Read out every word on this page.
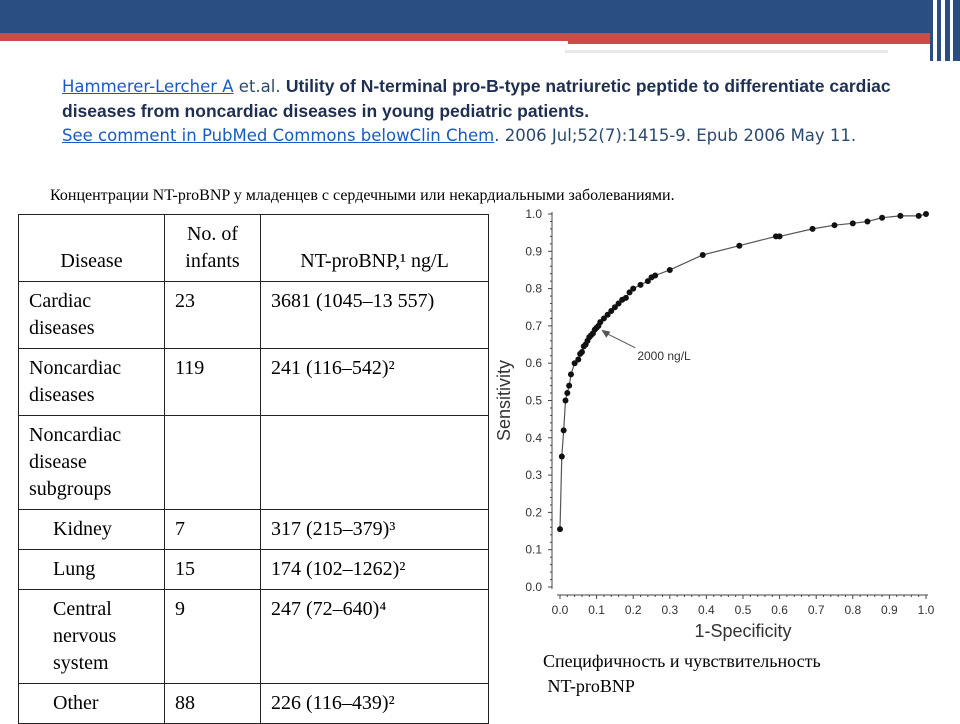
Hammerer-Lercher A et.al. Utility of N-terminal pro-B-type natriuretic peptide to differentiate cardiac diseases from noncardiac diseases in young pediatric patients.
See comment in PubMed Commons belowClin Chem. 2006 Jul;52(7):1415-9. Epub 2006 May 11.
Концентрации NT-proBNP у младенцев с сердечными или некардиальными заболеваниями.
Disease	No. of infants	NT-proBNP,¹ ng/L
Cardiac diseases	23	3681 (1045–13 557)
Noncardiac diseases	119	241 (116–542)²
Noncardiac disease subgroups		
Kidney	7	317 (215–379)³
Lung	15	174 (102–1262)²
Central nervous system	9	247 (72–640)⁴
Other	88	226 (116–439)²
0.0 0.1 0.2 0.3 0.4 0.5 0.6 0.7 0.8 0.9 1.0
0.0
0.1
0.2
0.3
0.4
0.5
0.6
0.7
0.8
0.9
1.0
1-Specificity
Sensitivity
2000 ng/L
Специфичность и чувствительность
NT-proBNP
